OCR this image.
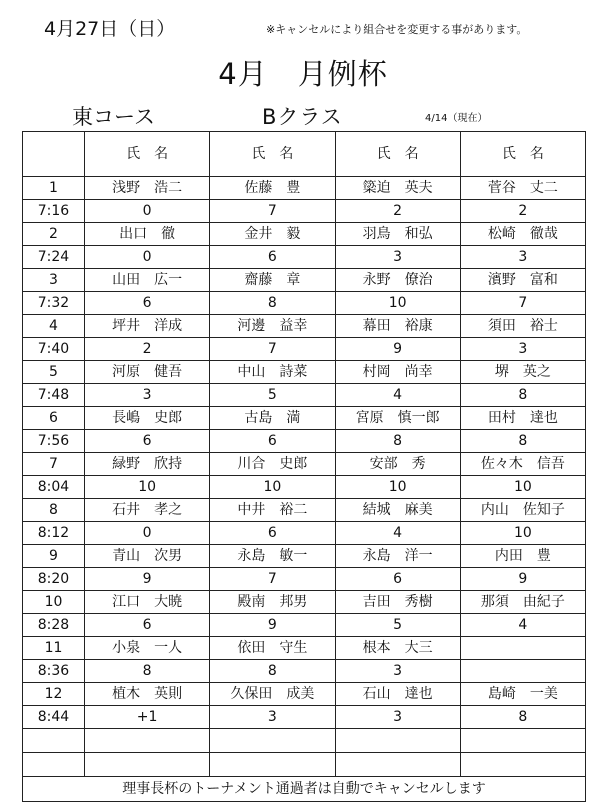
4月27日（日）	※キャンセルにより組合せを変更する事があります。
4月　月例杯
東コース	Bクラス	4/14（現在）
	氏　名	氏　名	氏　名	氏　名
1	浅野　浩二	佐藤　豊	簗迫　英夫	菅谷　丈二
7:16	0	7	2	2
2	出口　徹	金井　毅	羽鳥　和弘	松崎　徹哉
7:24	0	6	3	3
3	山田　広一	齋藤　章	永野　僚治	濱野　富和
7:32	6	8	10	7
4	坪井　洋成	河邊　益幸	幕田　裕康	須田　裕士
7:40	2	7	9	3
5	河原　健吾	中山　詩菜	村岡　尚幸	堺　英之
7:48	3	5	4	8
6	長嶋　史郎	古島　満	宮原　慎一郎	田村　達也
7:56	6	6	8	8
7	緑野　欣持	川合　史郎	安部　秀	佐々木　信吾
8:04	10	10	10	10
8	石井　孝之	中井　裕二	結城　麻美	内山　佐知子
8:12	0	6	4	10
9	青山　次男	永島　敏一	永島　洋一	内田　豊
8:20	9	7	6	9
10	江口　大暁	殿南　邦男	吉田　秀樹	那須　由紀子
8:28	6	9	5	4
11	小泉　一人	依田　守生	根本　大三	
8:36	8	8	3	
12	植木　英則	久保田　成美	石山　達也	島崎　一美
8:44	+1	3	3	8

理事長杯のトーナメント通過者は自動でキャンセルします				
